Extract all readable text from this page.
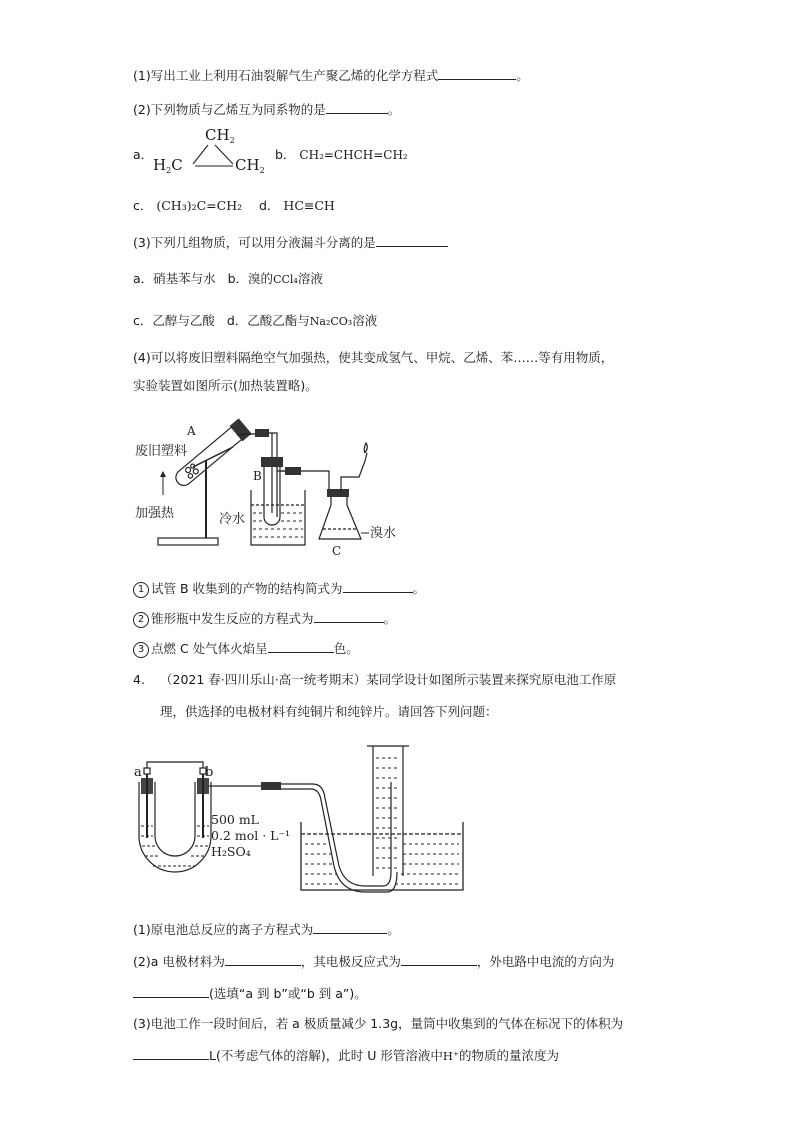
(1)写出工业上利用石油裂解气生产聚乙烯的化学方程式	。
(2)下列物质与乙烯互为同系物的是	。
a．
$CH_2$
$H_2C$	$CH_2$
b． CH₂=CHCH=CH₂
c． (CH₃)₂C=CH₂ d． HC≡CH
(3)下列几组物质，可以用分液漏斗分离的是
a．硝基苯与水 b．溴的CCl₄溶液
c．乙醇与乙酸 d．乙酸乙酯与Na₂CO₃溶液
(4)可以将废旧塑料隔绝空气加强热，使其变成氢气、甲烷、乙烯、苯……等有用物质，
实验装置如图所示(加热装置略)。
A
废旧塑料
加强热
B
冷水
溴水
C
1 试管 B 收集到的产物的结构简式为	。
2 锥形瓶中发生反应的方程式为	。
3 点燃 C 处气体火焰呈	色。
4. （2021 春·四川乐山·高一统考期末）某同学设计如图所示装置来探究原电池工作原
理，供选择的电极材料有纯铜片和纯锌片。请回答下列问题：
a	b
500 mL
0.2 mol · L⁻¹
H₂SO₄
(1)原电池总反应的离子方程式为	。
(2)a 电极材料为	，其电极反应式为	，外电路中电流的方向为
(选填“a 到 b”或“b 到 a”)。
(3)电池工作一段时间后，若 a 极质量减少 1.3g，量筒中收集到的气体在标况下的体积为
L(不考虑气体的溶解)，此时 U 形管溶液中H⁺的物质的量浓度为
